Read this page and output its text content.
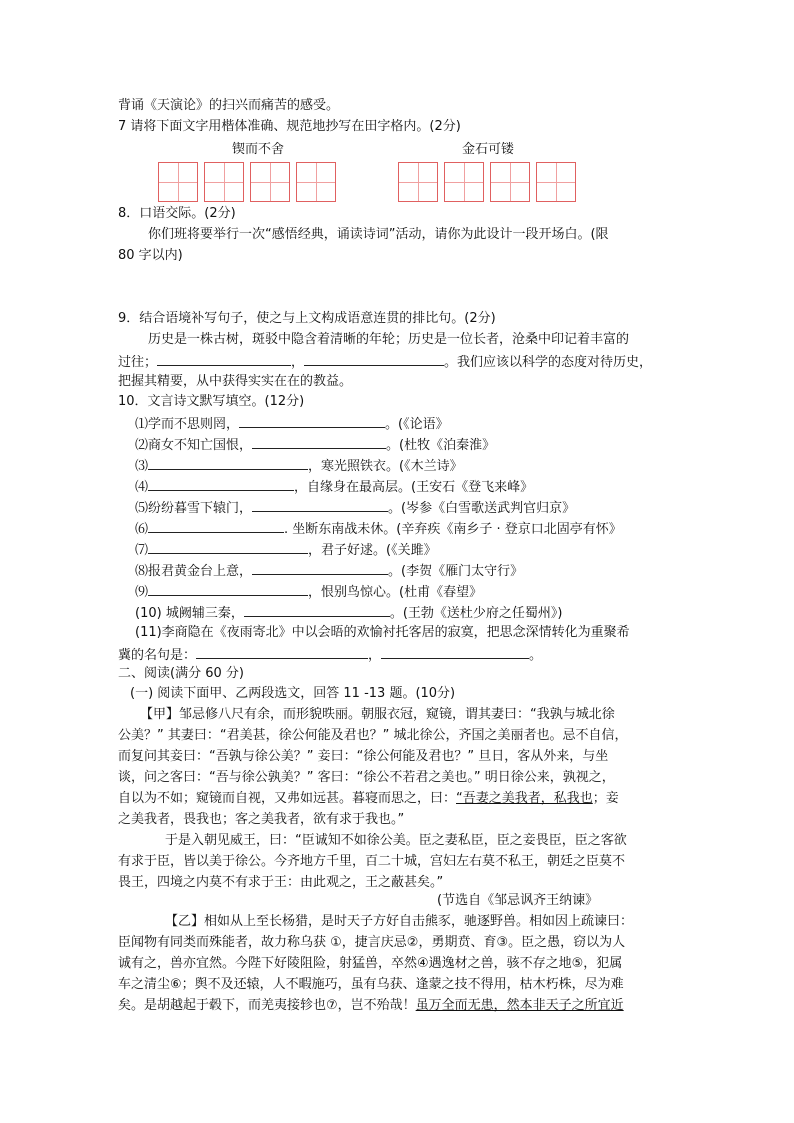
背诵《天演论》的扫兴而痛苦的感受。
7 请将下面文字用楷体准确、规范地抄写在田字格内。(2分)
锲而不舍	金石可镂
8．口语交际。(2分)
你们班将要举行一次“感悟经典，诵读诗词”活动，请你为此设计一段开场白。(限
80 字以内)
9．结合语境补写句子，使之与上文构成语意连贯的排比句。(2分)
历史是一株古树，斑驳中隐含着清晰的年轮；历史是一位长者，沧桑中印记着丰富的
过往；	，	。我们应该以科学的态度对待历史，
把握其精要，从中获得实实在在的教益。
10．文言诗文默写填空。(12分)
⑴学而不思则罔，	。(《论语》
⑵商女不知亡国恨，	。(杜牧《泊秦淮》
⑶	，寒光照铁衣。(《木兰诗》
⑷	，自缘身在最高层。(王安石《登飞来峰》
⑸纷纷暮雪下辕门，	。(岑参《白雪歌送武判官归京》
⑹	. 坐断东南战未休。(辛弃疾《南乡子 · 登京口北固亭有怀》
⑺	，君子好逑。(《关雎》
⑻报君黄金台上意，	。(李贺《雁门太守行》
⑼	，恨别鸟惊心。(杜甫《春望》
(10) 城阙辅三秦，	。(王勃《送杜少府之任蜀州》)
(11)李商隐在《夜雨寄北》中以会晤的欢愉衬托客居的寂寞，把思念深情转化为重聚希
冀的名句是：	，	。
二、阅读(满分 60 分)
(一) 阅读下面甲、乙两段选文，回答 11 -13 题。(10分)
【甲】邹忌修八尺有余，而形貌昳丽。朝服衣冠，窥镜，谓其妻曰：“我孰与城北徐
公美？” 其妻曰：“君美甚，徐公何能及君也？” 城北徐公，齐国之美丽者也。忌不自信，
而复问其妾曰：“吾孰与徐公美？” 妾曰：“徐公何能及君也？” 旦日，客从外来，与坐
谈，问之客曰：“吾与徐公孰美？” 客曰：“徐公不若君之美也。” 明日徐公来，孰视之，
自以为不如；窥镜而自视，又弗如远甚。暮寝而思之，曰：“吾妻之美我者，私我也；妾
之美我者，畏我也；客之美我者，欲有求于我也。”
于是入朝见威王，曰：“臣诚知不如徐公美。臣之妻私臣，臣之妾畏臣，臣之客欲
有求于臣，皆以美于徐公。今齐地方千里，百二十城，宫妇左右莫不私王，朝廷之臣莫不
畏王，四境之内莫不有求于王：由此观之，王之蔽甚矣。”
(节选自《邹忌讽齐王纳谏》
【乙】相如从上至长杨猎，是时天子方好自击熊豕，驰逐野兽。相如因上疏谏曰：
臣闻物有同类而殊能者，故力称乌获 ①，捷言庆忌②，勇期贲、育③。臣之愚，窃以为人
诚有之，兽亦宜然。今陛下好陵阻险，射猛兽，卒然④遇逸材之兽，骇不存之地⑤，犯属
车之清尘⑥；舆不及还辕，人不暇施巧，虽有乌获、逢蒙之技不得用，枯木朽株，尽为难
矣。是胡越起于毂下，而羌夷接轸也⑦，岂不殆哉！虽万全而无患，然本非天子之所宜近
